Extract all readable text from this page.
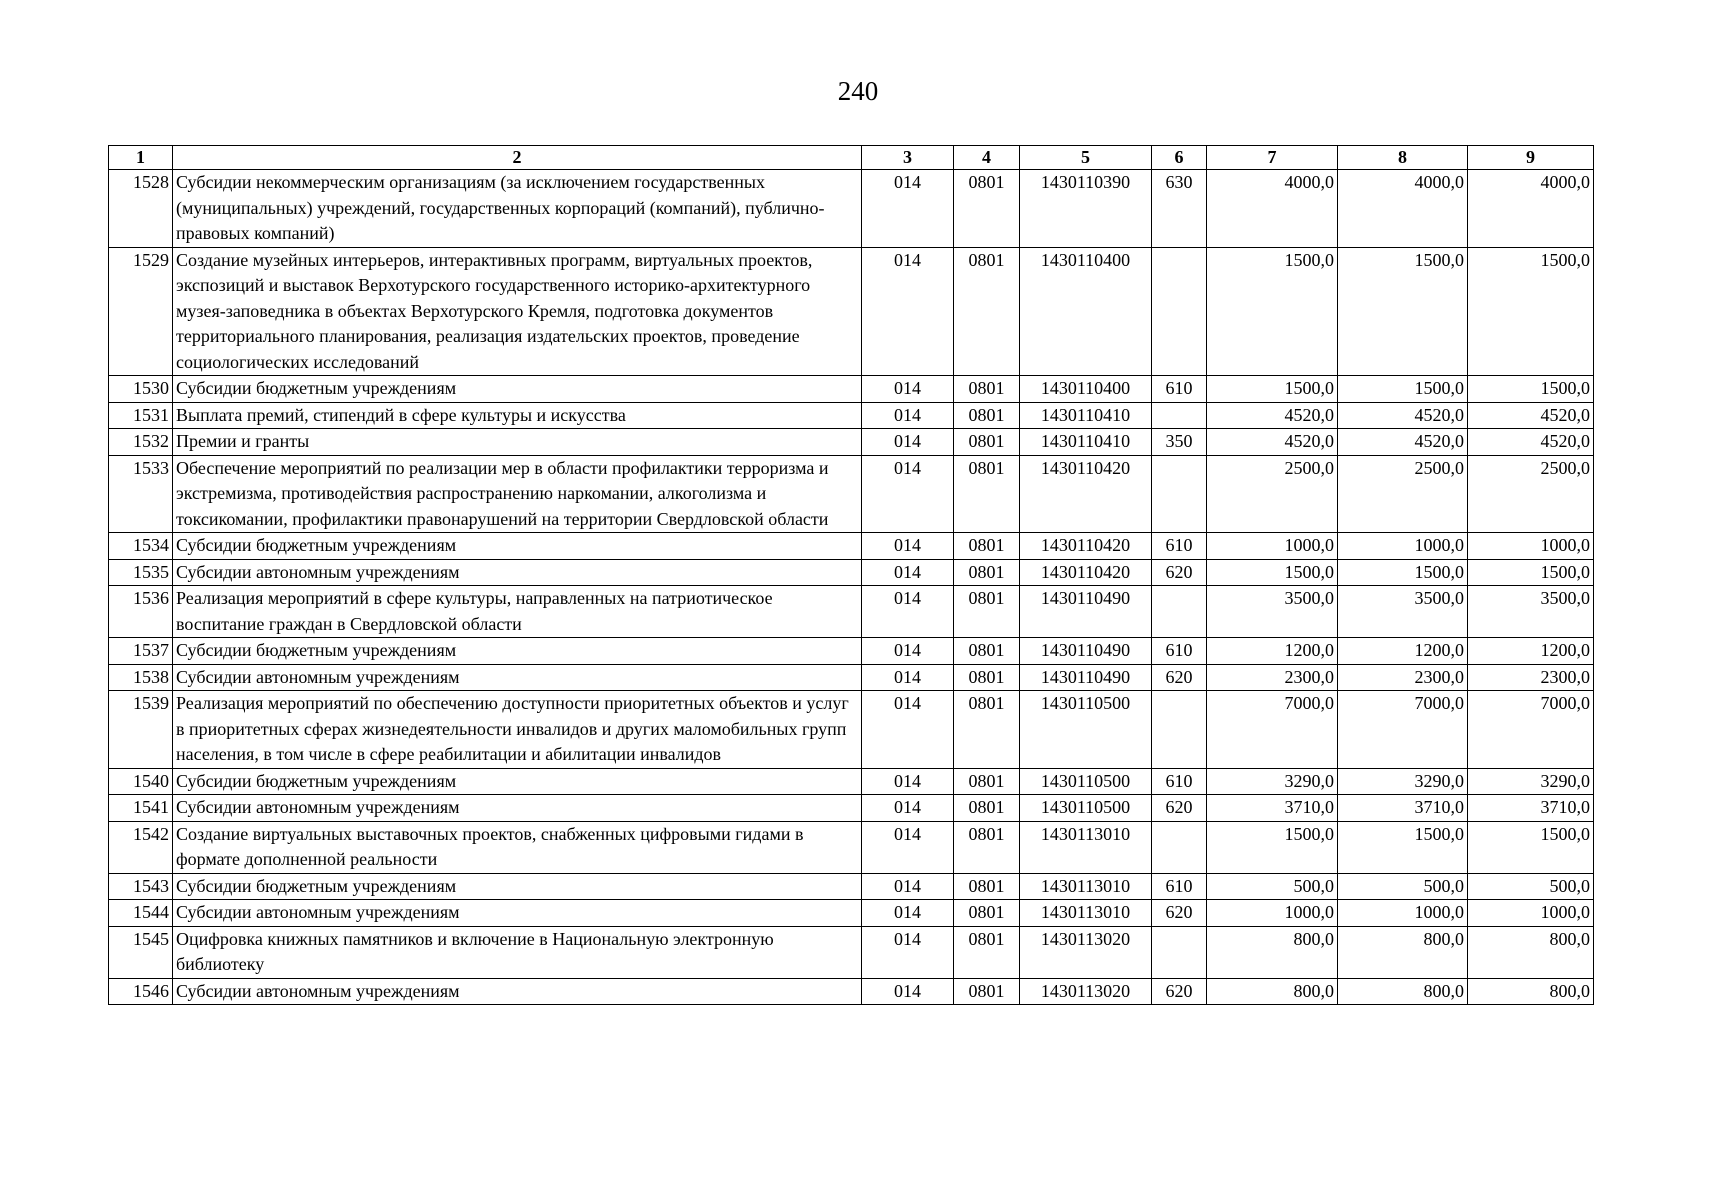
240
1	2	3	4	5	6	7	8	9
1528	Субсидии некоммерческим организациям (за исключением государственных (муниципальных) учреждений, государственных корпораций (компаний), публично-правовых компаний)	014	0801	1430110390	630	4000,0	4000,0	4000,0
1529	Создание музейных интерьеров, интерактивных программ, виртуальных проектов, экспозиций и выставок Верхотурского государственного историко-архитектурного музея-заповедника в объектах Верхотурского Кремля, подготовка документов территориального планирования, реализация издательских проектов, проведение социологических исследований	014	0801	1430110400		1500,0	1500,0	1500,0
1530	Субсидии бюджетным учреждениям	014	0801	1430110400	610	1500,0	1500,0	1500,0
1531	Выплата премий, стипендий в сфере культуры и искусства	014	0801	1430110410		4520,0	4520,0	4520,0
1532	Премии и гранты	014	0801	1430110410	350	4520,0	4520,0	4520,0
1533	Обеспечение мероприятий по реализации мер в области профилактики терроризма и экстремизма, противодействия распространению наркомании, алкоголизма и токсикомании, профилактики правонарушений на территории Свердловской области	014	0801	1430110420		2500,0	2500,0	2500,0
1534	Субсидии бюджетным учреждениям	014	0801	1430110420	610	1000,0	1000,0	1000,0
1535	Субсидии автономным учреждениям	014	0801	1430110420	620	1500,0	1500,0	1500,0
1536	Реализация мероприятий в сфере культуры, направленных на патриотическое воспитание граждан в Свердловской области	014	0801	1430110490		3500,0	3500,0	3500,0
1537	Субсидии бюджетным учреждениям	014	0801	1430110490	610	1200,0	1200,0	1200,0
1538	Субсидии автономным учреждениям	014	0801	1430110490	620	2300,0	2300,0	2300,0
1539	Реализация мероприятий по обеспечению доступности приоритетных объектов и услуг в приоритетных сферах жизнедеятельности инвалидов и других маломобильных групп населения, в том числе в сфере реабилитации и абилитации инвалидов	014	0801	1430110500		7000,0	7000,0	7000,0
1540	Субсидии бюджетным учреждениям	014	0801	1430110500	610	3290,0	3290,0	3290,0
1541	Субсидии автономным учреждениям	014	0801	1430110500	620	3710,0	3710,0	3710,0
1542	Создание виртуальных выставочных проектов, снабженных цифровыми гидами в формате дополненной реальности	014	0801	1430113010		1500,0	1500,0	1500,0
1543	Субсидии бюджетным учреждениям	014	0801	1430113010	610	500,0	500,0	500,0
1544	Субсидии автономным учреждениям	014	0801	1430113010	620	1000,0	1000,0	1000,0
1545	Оцифровка книжных памятников и включение в Национальную электронную библиотеку	014	0801	1430113020		800,0	800,0	800,0
1546	Субсидии автономным учреждениям	014	0801	1430113020	620	800,0	800,0	800,0
